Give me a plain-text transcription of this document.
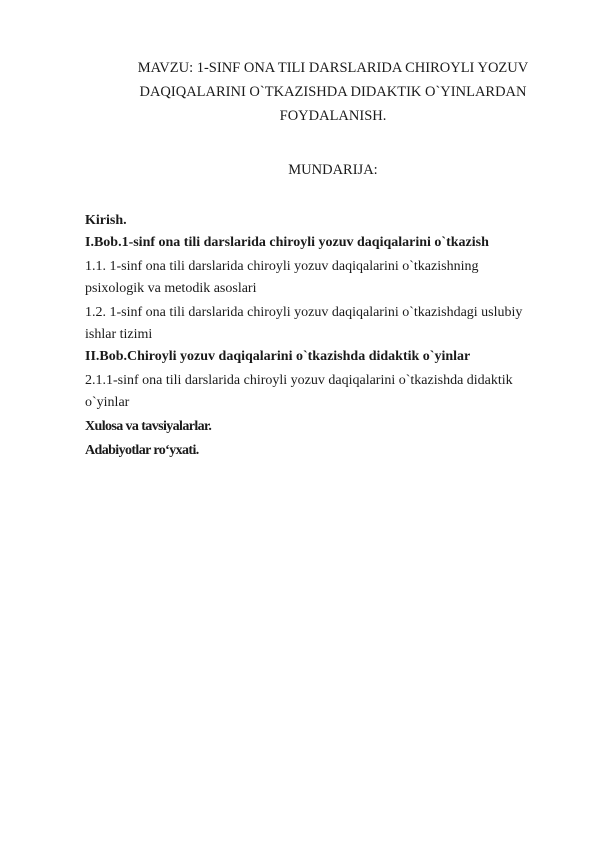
MAVZU: 1-SINF ONA TILI DARSLARIDA CHIROYLI YOZUV
DAQIQALARINI O`TKAZISHDA DIDAKTIK O`YINLARDAN
FOYDALANISH.
MUNDARIJA:
Kirish.
I.Bob.1-sinf ona tili darslarida chiroyli yozuv daqiqalarini o`tkazish
1.1. 1-sinf ona tili darslarida chiroyli yozuv daqiqalarini o`tkazishning
psixologik va metodik asoslari
1.2. 1-sinf ona tili darslarida chiroyli yozuv daqiqalarini o`tkazishdagi uslubiy
ishlar tizimi
II.Bob.Chiroyli yozuv daqiqalarini o`tkazishda didaktik o`yinlar
2.1.1-sinf ona tili darslarida chiroyli yozuv daqiqalarini o`tkazishda didaktik
o`yinlar
Xulosa va tavsiyalarlar.
Adabiyotlar ro‘yxati.
